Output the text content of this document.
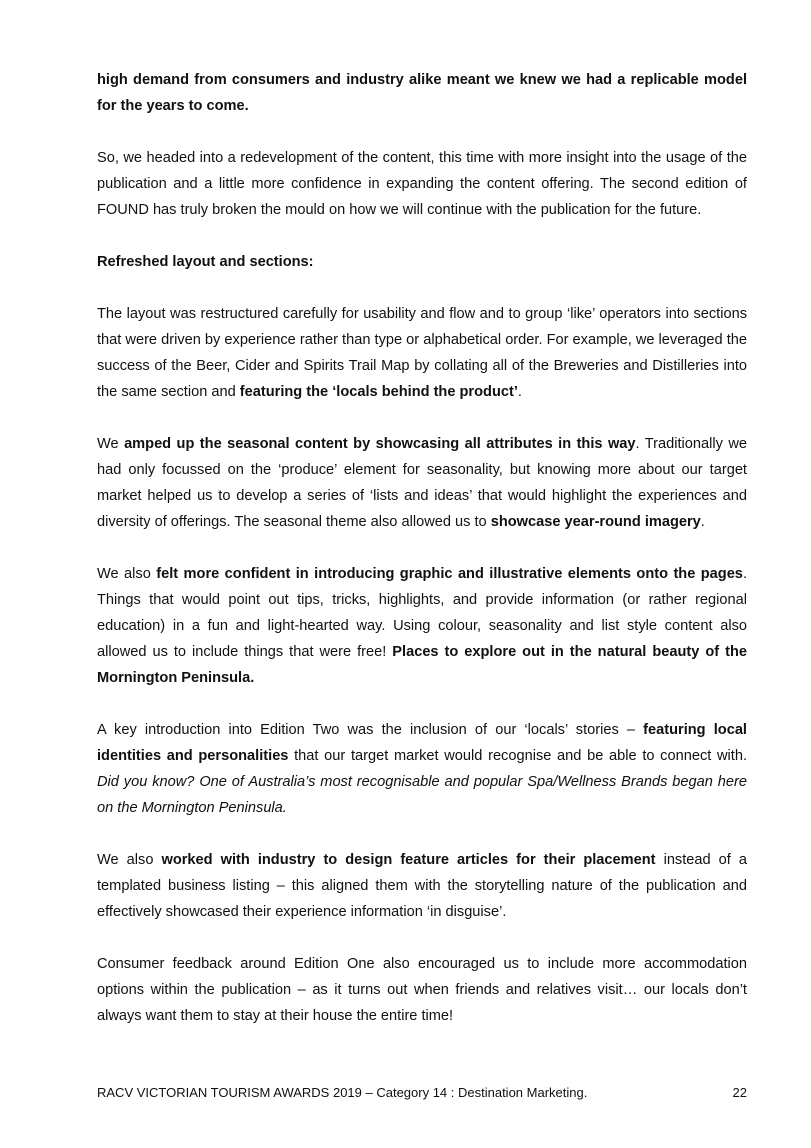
high demand from consumers and industry alike meant we knew we had a replicable model for the years to come.

So, we headed into a redevelopment of the content, this time with more insight into the usage of the publication and a little more confidence in expanding the content offering. The second edition of FOUND has truly broken the mould on how we will continue with the publication for the future.

Refreshed layout and sections:

The layout was restructured carefully for usability and flow and to group ‘like’ operators into sections that were driven by experience rather than type or alphabetical order. For example, we leveraged the success of the Beer, Cider and Spirits Trail Map by collating all of the Breweries and Distilleries into the same section and featuring the ‘locals behind the product’.

We amped up the seasonal content by showcasing all attributes in this way. Traditionally we had only focussed on the ‘produce’ element for seasonality, but knowing more about our target market helped us to develop a series of ‘lists and ideas’ that would highlight the experiences and diversity of offerings. The seasonal theme also allowed us to showcase year-round imagery.

We also felt more confident in introducing graphic and illustrative elements onto the pages. Things that would point out tips, tricks, highlights, and provide information (or rather regional education) in a fun and light-hearted way. Using colour, seasonality and list style content also allowed us to include things that were free! Places to explore out in the natural beauty of the Mornington Peninsula.

A key introduction into Edition Two was the inclusion of our ‘locals’ stories – featuring local identities and personalities that our target market would recognise and be able to connect with. Did you know? One of Australia’s most recognisable and popular Spa/Wellness Brands began here on the Mornington Peninsula.

We also worked with industry to design feature articles for their placement instead of a templated business listing – this aligned them with the storytelling nature of the publication and effectively showcased their experience information ‘in disguise’.

Consumer feedback around Edition One also encouraged us to include more accommodation options within the publication – as it turns out when friends and relatives visit… our locals don’t always want them to stay at their house the entire time!

RACV VICTORIAN TOURISM AWARDS 2019 – Category 14 : Destination Marketing.	22
